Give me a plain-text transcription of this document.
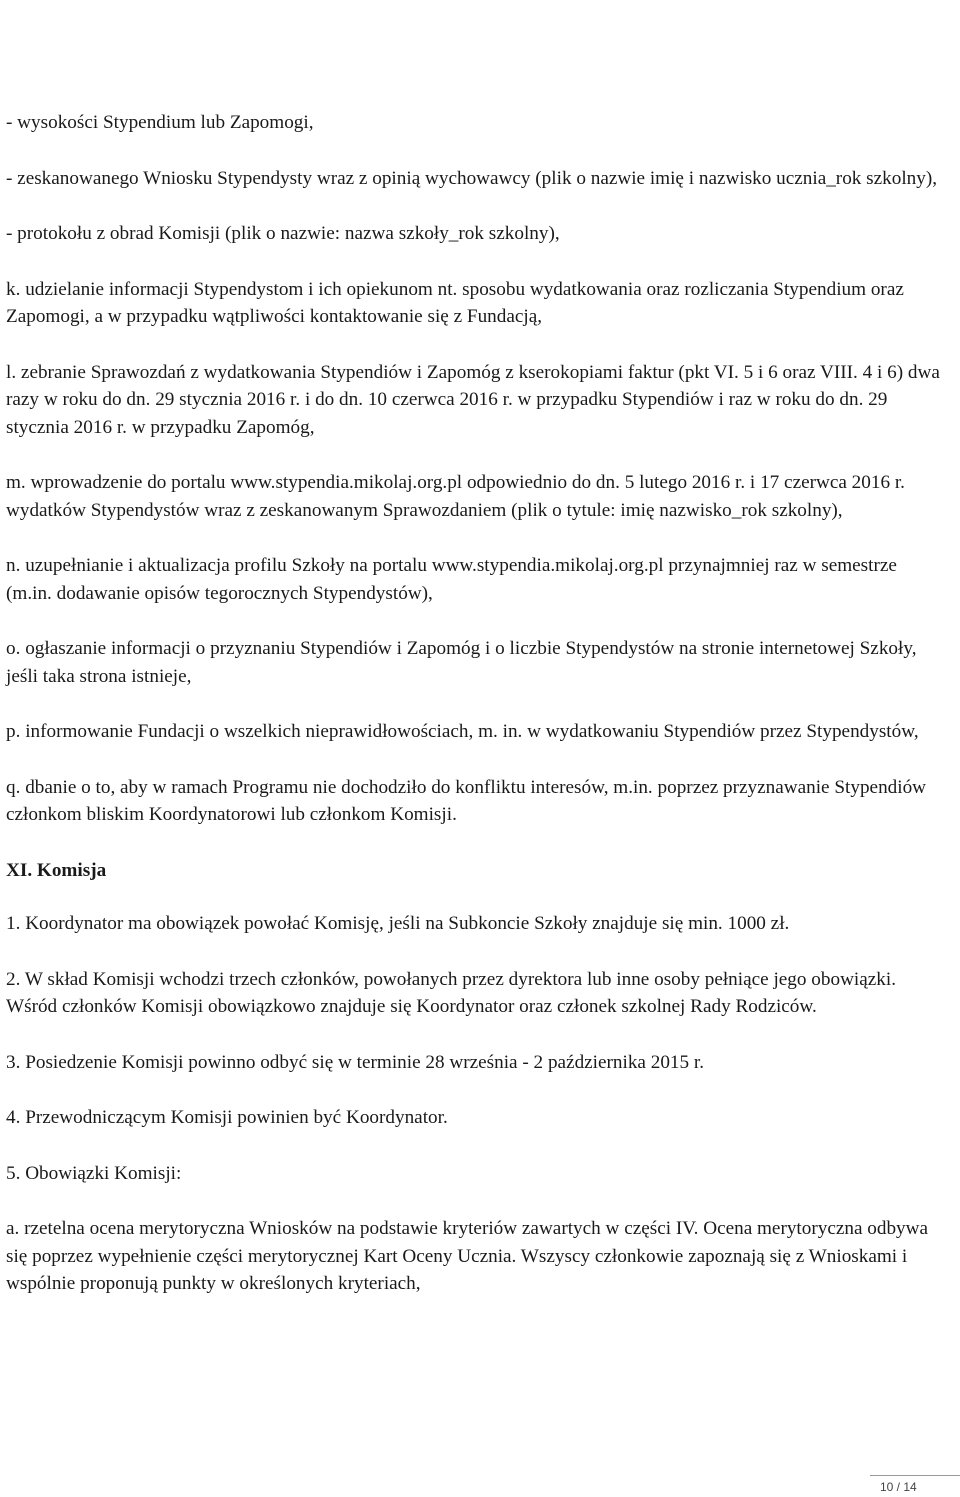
- wysokości Stypendium lub Zapomogi,

- zeskanowanego Wniosku Stypendysty wraz z opinią wychowawcy (plik o nazwie imię i nazwisko ucznia_rok szkolny),

- protokołu z obrad Komisji (plik o nazwie: nazwa szkoły_rok szkolny),

k. udzielanie informacji Stypendystom i ich opiekunom nt. sposobu wydatkowania oraz rozliczania Stypendium oraz Zapomogi, a w przypadku wątpliwości kontaktowanie się z Fundacją,

l. zebranie Sprawozdań z wydatkowania Stypendiów i Zapomóg z kserokopiami faktur (pkt VI. 5 i 6 oraz VIII. 4 i 6) dwa razy w roku do dn. 29 stycznia 2016 r. i do dn. 10 czerwca 2016 r. w przypadku Stypendiów i raz w roku do dn. 29 stycznia 2016 r. w przypadku Zapomóg,

m. wprowadzenie do portalu www.stypendia.mikolaj.org.pl odpowiednio do dn. 5 lutego 2016 r. i 17 czerwca 2016 r. wydatków Stypendystów wraz z zeskanowanym Sprawozdaniem (plik o tytule: imię nazwisko_rok szkolny),

n. uzupełnianie i aktualizacja profilu Szkoły na portalu www.stypendia.mikolaj.org.pl przynajmniej raz w semestrze (m.in. dodawanie opisów tegorocznych Stypendystów),

o. ogłaszanie informacji o przyznaniu Stypendiów i Zapomóg i o liczbie Stypendystów na stronie internetowej Szkoły, jeśli taka strona istnieje,

p. informowanie Fundacji o wszelkich nieprawidłowościach, m. in. w wydatkowaniu Stypendiów przez Stypendystów,

q. dbanie o to, aby w ramach Programu nie dochodziło do konfliktu interesów, m.in. poprzez przyznawanie Stypendiów członkom bliskim Koordynatorowi lub członkom Komisji.

XI. Komisja

1. Koordynator ma obowiązek powołać Komisję, jeśli na Subkoncie Szkoły znajduje się min. 1000 zł.

2. W skład Komisji wchodzi trzech członków, powołanych przez dyrektora lub inne osoby pełniące jego obowiązki. Wśród członków Komisji obowiązkowo znajduje się Koordynator oraz członek szkolnej Rady Rodziców.

3. Posiedzenie Komisji powinno odbyć się w terminie 28 września - 2 października 2015 r.

4. Przewodniczącym Komisji powinien być Koordynator.

5. Obowiązki Komisji:

a. rzetelna ocena merytoryczna Wniosków na podstawie kryteriów zawartych w części IV. Ocena merytoryczna odbywa się poprzez wypełnienie części merytorycznej Kart Oceny Ucznia. Wszyscy członkowie zapoznają się z Wnioskami i wspólnie proponują punkty w określonych kryteriach,

10 / 14
